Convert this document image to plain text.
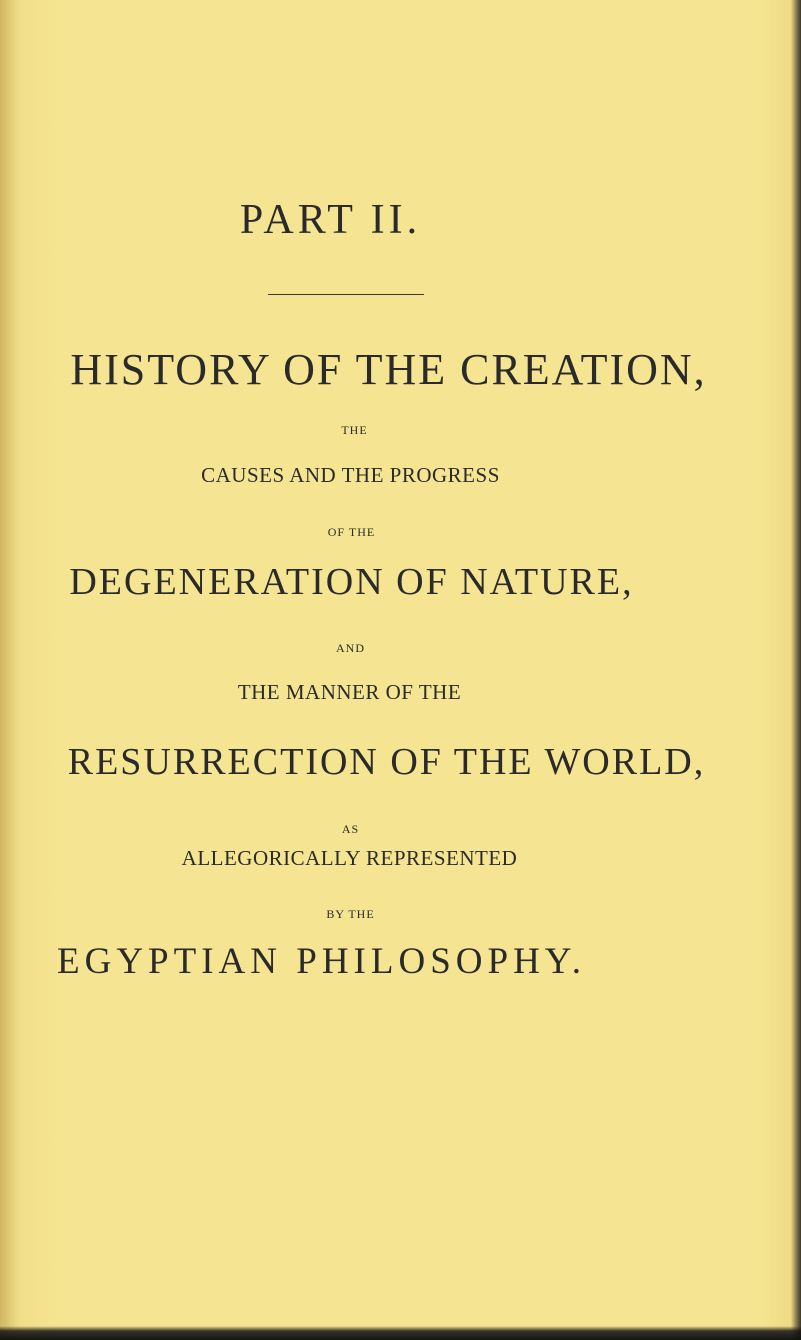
PART II.
HISTORY OF THE CREATION,
THE
CAUSES AND THE PROGRESS
OF THE
DEGENERATION OF NATURE,
AND
THE MANNER OF THE
RESURRECTION OF THE WORLD,
AS
ALLEGORICALLY REPRESENTED
BY THE
EGYPTIAN PHILOSOPHY.
